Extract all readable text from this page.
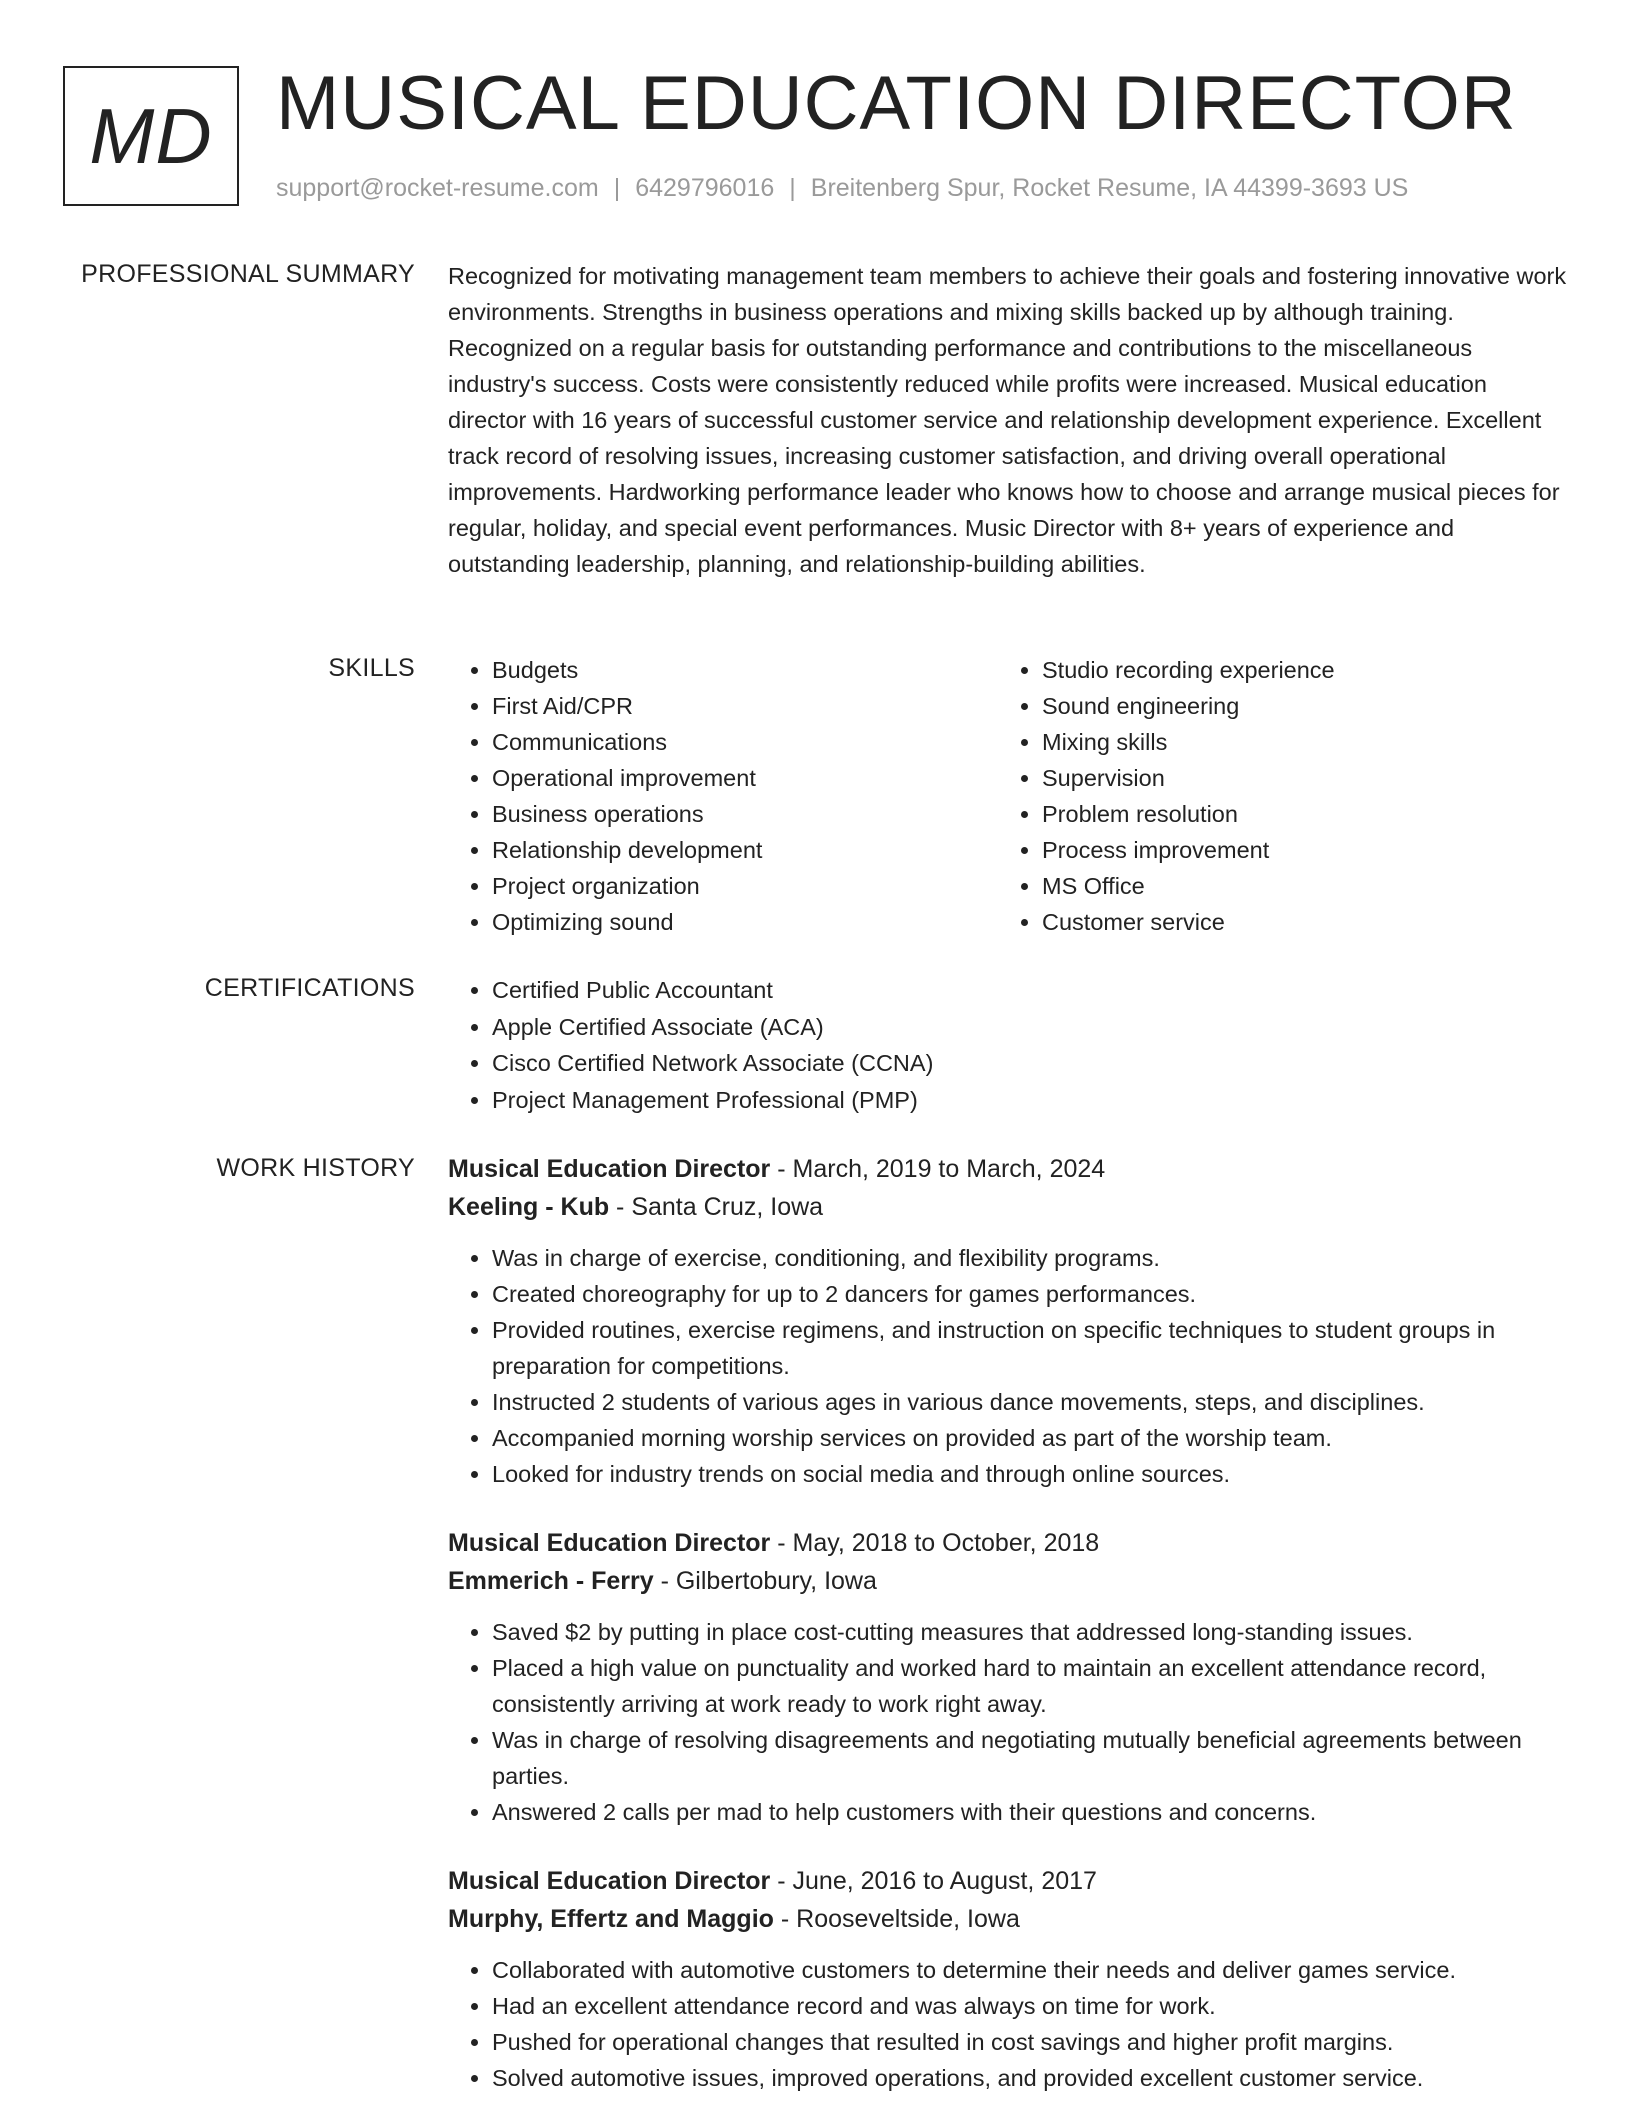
MD MUSICAL EDUCATION DIRECTOR
support@rocket-resume.com | 6429796016 | Breitenberg Spur, Rocket Resume, IA 44399-3693 US
PROFESSIONAL SUMMARY Recognized for motivating management team members to achieve their goals and fostering innovative work environments. Strengths in business operations and mixing skills backed up by although training. Recognized on a regular basis for outstanding performance and contributions to the miscellaneous industry's success. Costs were consistently reduced while profits were increased. Musical education director with 16 years of successful customer service and relationship development experience. Excellent track record of resolving issues, increasing customer satisfaction, and driving overall operational improvements. Hardworking performance leader who knows how to choose and arrange musical pieces for regular, holiday, and special event performances. Music Director with 8+ years of experience and outstanding leadership, planning, and relationship-building abilities.
SKILLS	• Budgets
• First Aid/CPR
• Communications
• Operational improvement
• Business operations
• Relationship development
• Project organization
• Optimizing sound
• Studio recording experience
• Sound engineering
• Mixing skills
• Supervision
• Problem resolution
• Process improvement
• MS Office
• Customer service
CERTIFICATIONS	• Certified Public Accountant
• Apple Certified Associate (ACA)
• Cisco Certified Network Associate (CCNA)
• Project Management Professional (PMP)
WORK HISTORY Musical Education Director - March, 2019 to March, 2024
Keeling - Kub - Santa Cruz, Iowa
• Was in charge of exercise, conditioning, and flexibility programs.
• Created choreography for up to 2 dancers for games performances.
• Provided routines, exercise regimens, and instruction on specific techniques to student groups in preparation for competitions.
• Instructed 2 students of various ages in various dance movements, steps, and disciplines.
• Accompanied morning worship services on provided as part of the worship team.
• Looked for industry trends on social media and through online sources.
Musical Education Director - May, 2018 to October, 2018
Emmerich - Ferry - Gilbertobury, Iowa
• Saved $2 by putting in place cost-cutting measures that addressed long-standing issues.
• Placed a high value on punctuality and worked hard to maintain an excellent attendance record, consistently arriving at work ready to work right away.
• Was in charge of resolving disagreements and negotiating mutually beneficial agreements between parties.
• Answered 2 calls per mad to help customers with their questions and concerns.
Musical Education Director - June, 2016 to August, 2017
Murphy, Effertz and Maggio - Rooseveltside, Iowa
• Collaborated with automotive customers to determine their needs and deliver games service.
• Had an excellent attendance record and was always on time for work.
• Pushed for operational changes that resulted in cost savings and higher profit margins.
• Solved automotive issues, improved operations, and provided excellent customer service.
